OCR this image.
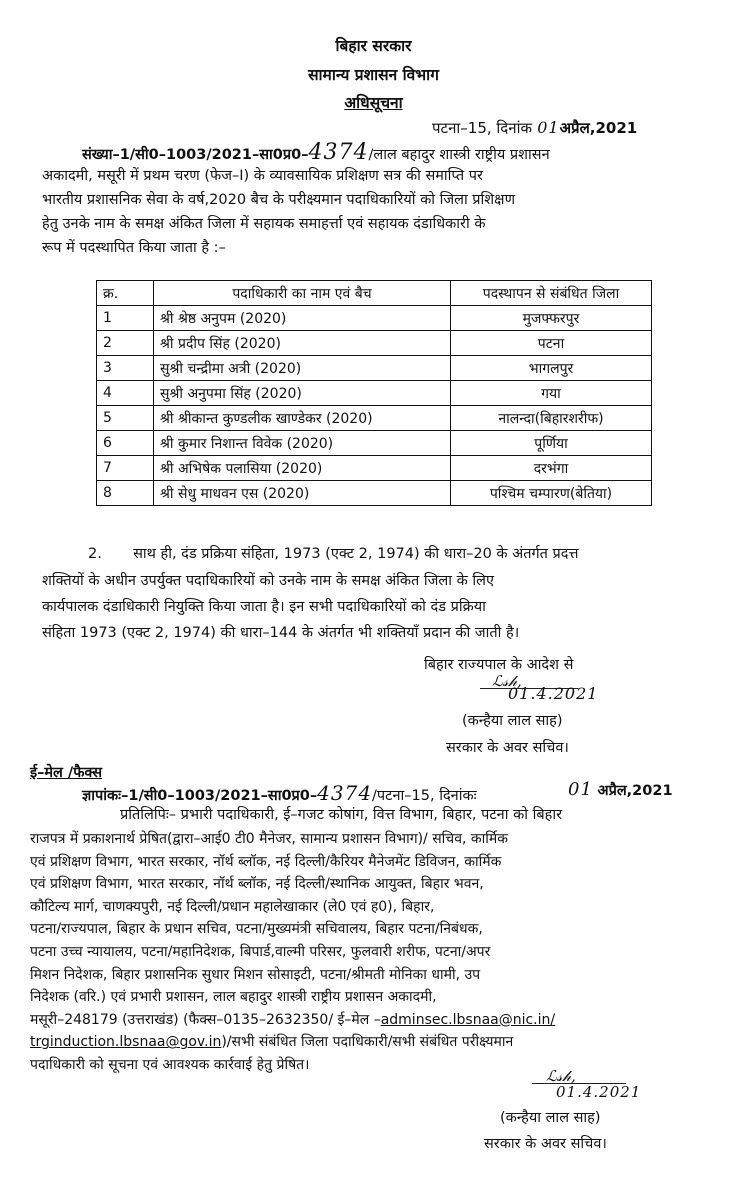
बिहार सरकार
सामान्य प्रशासन विभाग
अधिसूचना
पटना–15, दिनांक 01अप्रैल,2021
संख्या–1/सी0–1003/2021–सा0प्र0–4374/लाल बहादुर शास्त्री राष्ट्रीय प्रशासन
अकादमी, मसूरी में प्रथम चरण (फेज–I) के व्यावसायिक प्रशिक्षण सत्र की समाप्ति पर
भारतीय प्रशासनिक सेवा के वर्ष,2020 बैच के परीक्ष्यमान पदाधिकारियों को जिला प्रशिक्षण
हेतु उनके नाम के समक्ष अंकित जिला में सहायक समाहर्त्ता एवं सहायक दंडाधिकारी के
रूप में पदस्थापित किया जाता है :–
क्र.	पदाधिकारी का नाम एवं बैच	पदस्थापन से संबंधित जिला
1	श्री श्रेष्ठ अनुपम (2020)	मुजफ्फरपुर
2	श्री प्रदीप सिंह (2020)	पटना
3	सुश्री चन्द्रीमा अत्री (2020)	भागलपुर
4	सुश्री अनुपमा सिंह (2020)	गया
5	श्री श्रीकान्त कुण्डलीक खाण्डेकर (2020)	नालन्दा(बिहारशरीफ)
6	श्री कुमार निशान्त विवेक (2020)	पूर्णिया
7	श्री अभिषेक पलासिया (2020)	दरभंगा
8	श्री सेधु माधवन एस (2020)	पश्चिम चम्पारण(बेतिया)
2. साथ ही, दंड प्रक्रिया संहिता, 1973 (एक्ट 2, 1974) की धारा–20 के अंतर्गत प्रदत्त
शक्तियों के अधीन उपर्युक्त पदाधिकारियों को उनके नाम के समक्ष अंकित जिला के लिए
कार्यपालक दंडाधिकारी नियुक्ति किया जाता है। इन सभी पदाधिकारियों को दंड प्रक्रिया
संहिता 1973 (एक्ट 2, 1974) की धारा–144 के अंतर्गत भी शक्तियाँ प्रदान की जाती है।
बिहार राज्यपाल के आदेश से
ℒ𝓈𝒽,
01.4.2021
(कन्हैया लाल साह)
सरकार के अवर सचिव।
ई–मेल /फैक्स
ज्ञापांकः–1/सी0–1003/2021–सा0प्र0–4374/पटना–15, दिनांकः	01 अप्रैल,2021
प्रतिलिपिः– प्रभारी पदाधिकारी, ई–गजट कोषांग, वित्त विभाग, बिहार, पटना को बिहार
राजपत्र में प्रकाशनार्थ प्रेषित(द्वारा–आई0 टी0 मैनेजर, सामान्य प्रशासन विभाग)/ सचिव, कार्मिक
एवं प्रशिक्षण विभाग, भारत सरकार, नॉर्थ ब्लॉक, नई दिल्ली/कैरियर मैनेजमेंट डिविजन, कार्मिक
एवं प्रशिक्षण विभाग, भारत सरकार, नॉर्थ ब्लॉक, नई दिल्ली/स्थानिक आयुक्त, बिहार भवन,
कौटिल्य मार्ग, चाणक्यपुरी, नई दिल्ली/प्रधान महालेखाकार (ले0 एवं ह0), बिहार,
पटना/राज्यपाल, बिहार के प्रधान सचिव, पटना/मुख्यमंत्री सचिवालय, बिहार पटना/निबंधक,
पटना उच्च न्यायालय, पटना/महानिदेशक, बिपार्ड,वाल्मी परिसर, फुलवारी शरीफ, पटना/अपर
मिशन निदेशक, बिहार प्रशासनिक सुधार मिशन सोसाइटी, पटना/श्रीमती मोनिका धामी, उप
निदेशक (वरि.) एवं प्रभारी प्रशासन, लाल बहादुर शास्त्री राष्ट्रीय प्रशासन अकादमी,
मसूरी–248179 (उत्तराखंड) (फैक्स–0135–2632350/ ई–मेल –adminsec.lbsnaa@nic.in/
trginduction.lbsnaa@gov.in)/सभी संबंधित जिला पदाधिकारी/सभी संबंधित परीक्ष्यमान
पदाधिकारी को सूचना एवं आवश्यक कार्रवाई हेतु प्रेषित।
ℒ𝓈𝒽,
01.4.2021
(कन्हैया लाल साह)
सरकार के अवर सचिव।
